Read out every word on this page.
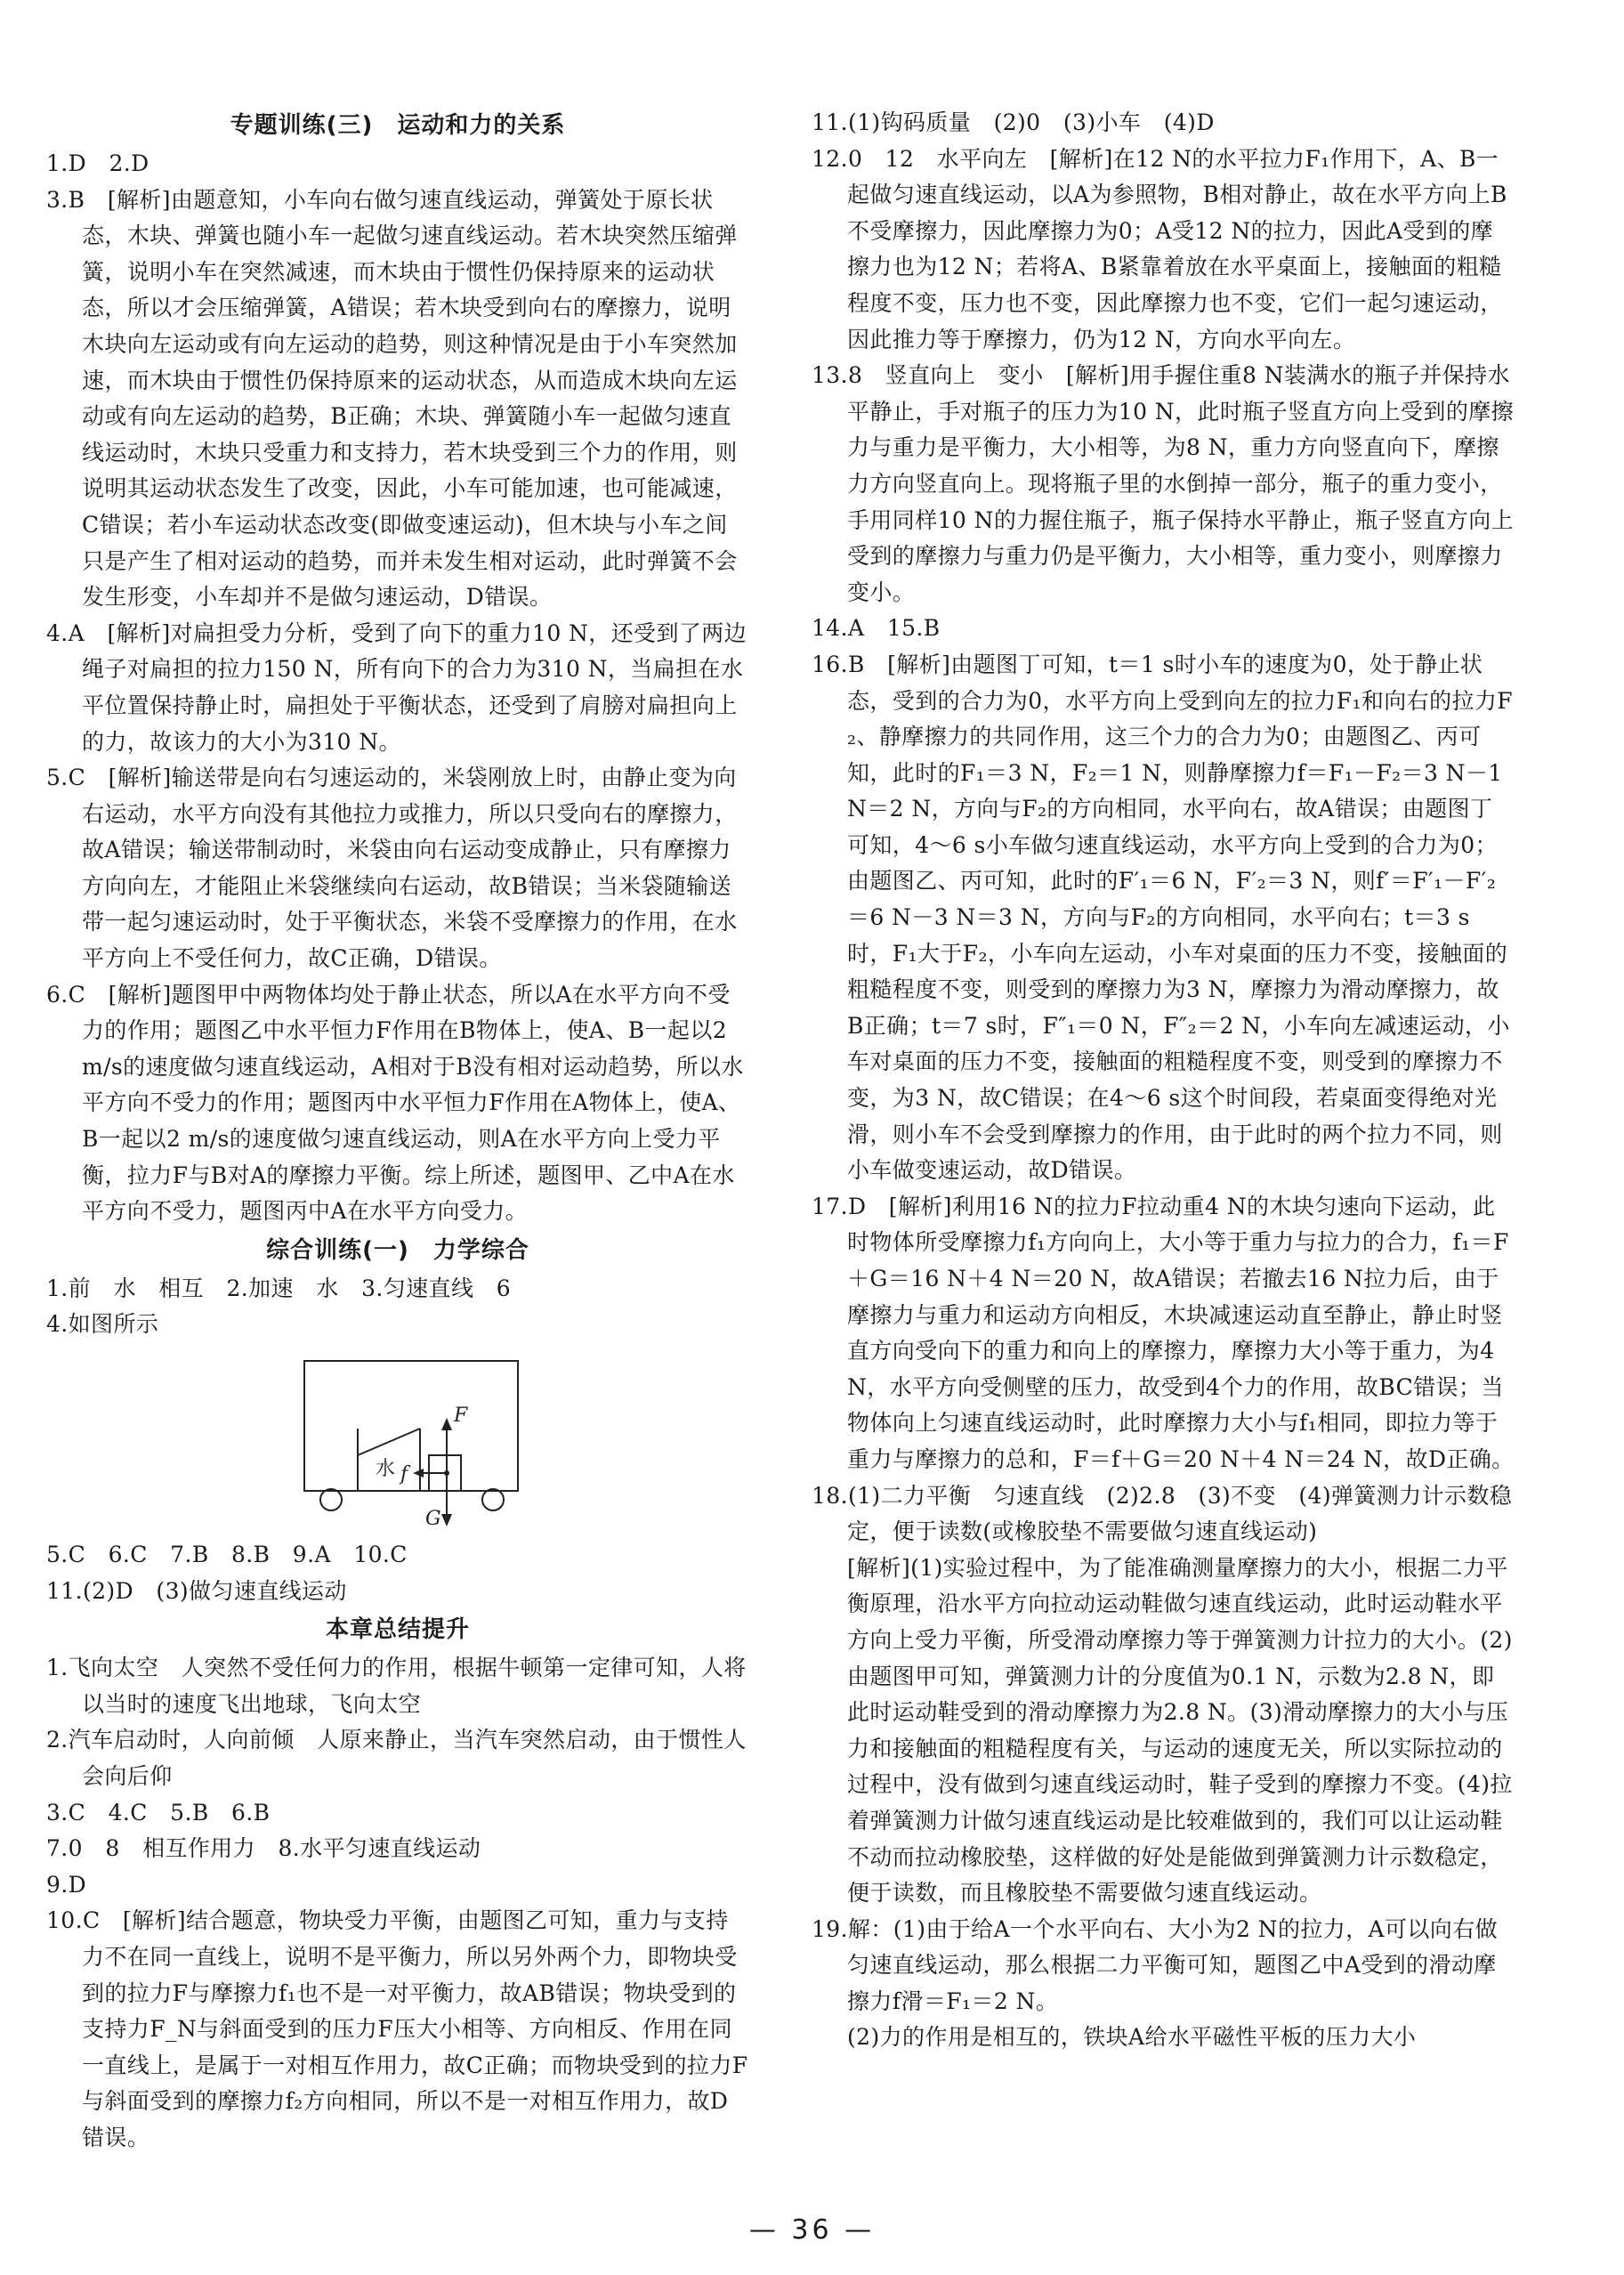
专题训练(三)　运动和力的关系
1.D　2.D
3.B　[解析]由题意知，小车向右做匀速直线运动，弹簧处于原长状态，木块、弹簧也随小车一起做匀速直线运动。若木块突然压缩弹簧，说明小车在突然减速，而木块由于惯性仍保持原来的运动状态，所以才会压缩弹簧，A错误；若木块受到向右的摩擦力，说明木块向左运动或有向左运动的趋势，则这种情况是由于小车突然加速，而木块由于惯性仍保持原来的运动状态，从而造成木块向左运动或有向左运动的趋势，B正确；木块、弹簧随小车一起做匀速直线运动时，木块只受重力和支持力，若木块受到三个力的作用，则说明其运动状态发生了改变，因此，小车可能加速，也可能减速，C错误；若小车运动状态改变(即做变速运动)，但木块与小车之间只是产生了相对运动的趋势，而并未发生相对运动，此时弹簧不会发生形变，小车却并不是做匀速运动，D错误。
4.A　[解析]对扁担受力分析，受到了向下的重力10 N，还受到了两边绳子对扁担的拉力150 N，所有向下的合力为310 N，当扁担在水平位置保持静止时，扁担处于平衡状态，还受到了肩膀对扁担向上的力，故该力的大小为310 N。
5.C　[解析]输送带是向右匀速运动的，米袋刚放上时，由静止变为向右运动，水平方向没有其他拉力或推力，所以只受向右的摩擦力，故A错误；输送带制动时，米袋由向右运动变成静止，只有摩擦力方向向左，才能阻止米袋继续向右运动，故B错误；当米袋随输送带一起匀速运动时，处于平衡状态，米袋不受摩擦力的作用，在水平方向上不受任何力，故C正确，D错误。
6.C　[解析]题图甲中两物体均处于静止状态，所以A在水平方向不受力的作用；题图乙中水平恒力F作用在B物体上，使A、B一起以2 m/s的速度做匀速直线运动，A相对于B没有相对运动趋势，所以水平方向不受力的作用；题图丙中水平恒力F作用在A物体上，使A、B一起以2 m/s的速度做匀速直线运动，则A在水平方向上受力平衡，拉力F与B对A的摩擦力平衡。综上所述，题图甲、乙中A在水平方向不受力，题图丙中A在水平方向受力。
综合训练(一)　力学综合
1.前　水　相互　2.加速　水　3.匀速直线　6
4.如图所示
水
F
f
G
5.C　6.C　7.B　8.B　9.A　10.C
11.(2)D　(3)做匀速直线运动
本章总结提升
1.飞向太空　人突然不受任何力的作用，根据牛顿第一定律可知，人将以当时的速度飞出地球，飞向太空
2.汽车启动时，人向前倾　人原来静止，当汽车突然启动，由于惯性人会向后仰
3.C　4.C　5.B　6.B
7.0　8　相互作用力　8.水平匀速直线运动
9.D
10.C　[解析]结合题意，物块受力平衡，由题图乙可知，重力与支持力不在同一直线上，说明不是平衡力，所以另外两个力，即物块受到的拉力F与摩擦力f₁也不是一对平衡力，故AB错误；物块受到的支持力F_N与斜面受到的压力F压大小相等、方向相反、作用在同一直线上，是属于一对相互作用力，故C正确；而物块受到的拉力F与斜面受到的摩擦力f₂方向相同，所以不是一对相互作用力，故D错误。
11.(1)钩码质量　(2)0　(3)小车　(4)D
12.0　12　水平向左　[解析]在12 N的水平拉力F₁作用下，A、B一起做匀速直线运动，以A为参照物，B相对静止，故在水平方向上B不受摩擦力，因此摩擦力为0；A受12 N的拉力，因此A受到的摩擦力也为12 N；若将A、B紧靠着放在水平桌面上，接触面的粗糙程度不变，压力也不变，因此摩擦力也不变，它们一起匀速运动，因此推力等于摩擦力，仍为12 N，方向水平向左。
13.8　竖直向上　变小　[解析]用手握住重8 N装满水的瓶子并保持水平静止，手对瓶子的压力为10 N，此时瓶子竖直方向上受到的摩擦力与重力是平衡力，大小相等，为8 N，重力方向竖直向下，摩擦力方向竖直向上。现将瓶子里的水倒掉一部分，瓶子的重力变小，手用同样10 N的力握住瓶子，瓶子保持水平静止，瓶子竖直方向上受到的摩擦力与重力仍是平衡力，大小相等，重力变小，则摩擦力变小。
14.A　15.B
16.B　[解析]由题图丁可知，t＝1 s时小车的速度为0，处于静止状态，受到的合力为0，水平方向上受到向左的拉力F₁和向右的拉力F₂、静摩擦力的共同作用，这三个力的合力为0；由题图乙、丙可知，此时的F₁＝3 N，F₂＝1 N，则静摩擦力f＝F₁－F₂＝3 N－1 N＝2 N，方向与F₂的方向相同，水平向右，故A错误；由题图丁可知，4～6 s小车做匀速直线运动，水平方向上受到的合力为0；由题图乙、丙可知，此时的F′₁＝6 N，F′₂＝3 N，则f′＝F′₁－F′₂＝6 N－3 N＝3 N，方向与F₂的方向相同，水平向右；t＝3 s时，F₁大于F₂，小车向左运动，小车对桌面的压力不变，接触面的粗糙程度不变，则受到的摩擦力为3 N，摩擦力为滑动摩擦力，故B正确；t＝7 s时，F″₁＝0 N，F″₂＝2 N，小车向左减速运动，小车对桌面的压力不变，接触面的粗糙程度不变，则受到的摩擦力不变，为3 N，故C错误；在4～6 s这个时间段，若桌面变得绝对光滑，则小车不会受到摩擦力的作用，由于此时的两个拉力不同，则小车做变速运动，故D错误。
17.D　[解析]利用16 N的拉力F拉动重4 N的木块匀速向下运动，此时物体所受摩擦力f₁方向向上，大小等于重力与拉力的合力，f₁＝F＋G＝16 N＋4 N＝20 N，故A错误；若撤去16 N拉力后，由于摩擦力与重力和运动方向相反，木块减速运动直至静止，静止时竖直方向受向下的重力和向上的摩擦力，摩擦力大小等于重力，为4 N，水平方向受侧壁的压力，故受到4个力的作用，故BC错误；当物体向上匀速直线运动时，此时摩擦力大小与f₁相同，即拉力等于重力与摩擦力的总和，F＝f＋G＝20 N＋4 N＝24 N，故D正确。
18.(1)二力平衡　匀速直线　(2)2.8　(3)不变　(4)弹簧测力计示数稳定，便于读数(或橡胶垫不需要做匀速直线运动)
[解析](1)实验过程中，为了能准确测量摩擦力的大小，根据二力平衡原理，沿水平方向拉动运动鞋做匀速直线运动，此时运动鞋水平方向上受力平衡，所受滑动摩擦力等于弹簧测力计拉力的大小。(2)由题图甲可知，弹簧测力计的分度值为0.1 N，示数为2.8 N，即此时运动鞋受到的滑动摩擦力为2.8 N。(3)滑动摩擦力的大小与压力和接触面的粗糙程度有关，与运动的速度无关，所以实际拉动的过程中，没有做到匀速直线运动时，鞋子受到的摩擦力不变。(4)拉着弹簧测力计做匀速直线运动是比较难做到的，我们可以让运动鞋不动而拉动橡胶垫，这样做的好处是能做到弹簧测力计示数稳定，便于读数，而且橡胶垫不需要做匀速直线运动。
19.解：(1)由于给A一个水平向右、大小为2 N的拉力，A可以向右做匀速直线运动，那么根据二力平衡可知，题图乙中A受到的滑动摩擦力f滑＝F₁＝2 N。
(2)力的作用是相互的，铁块A给水平磁性平板的压力大小
— 36 —
